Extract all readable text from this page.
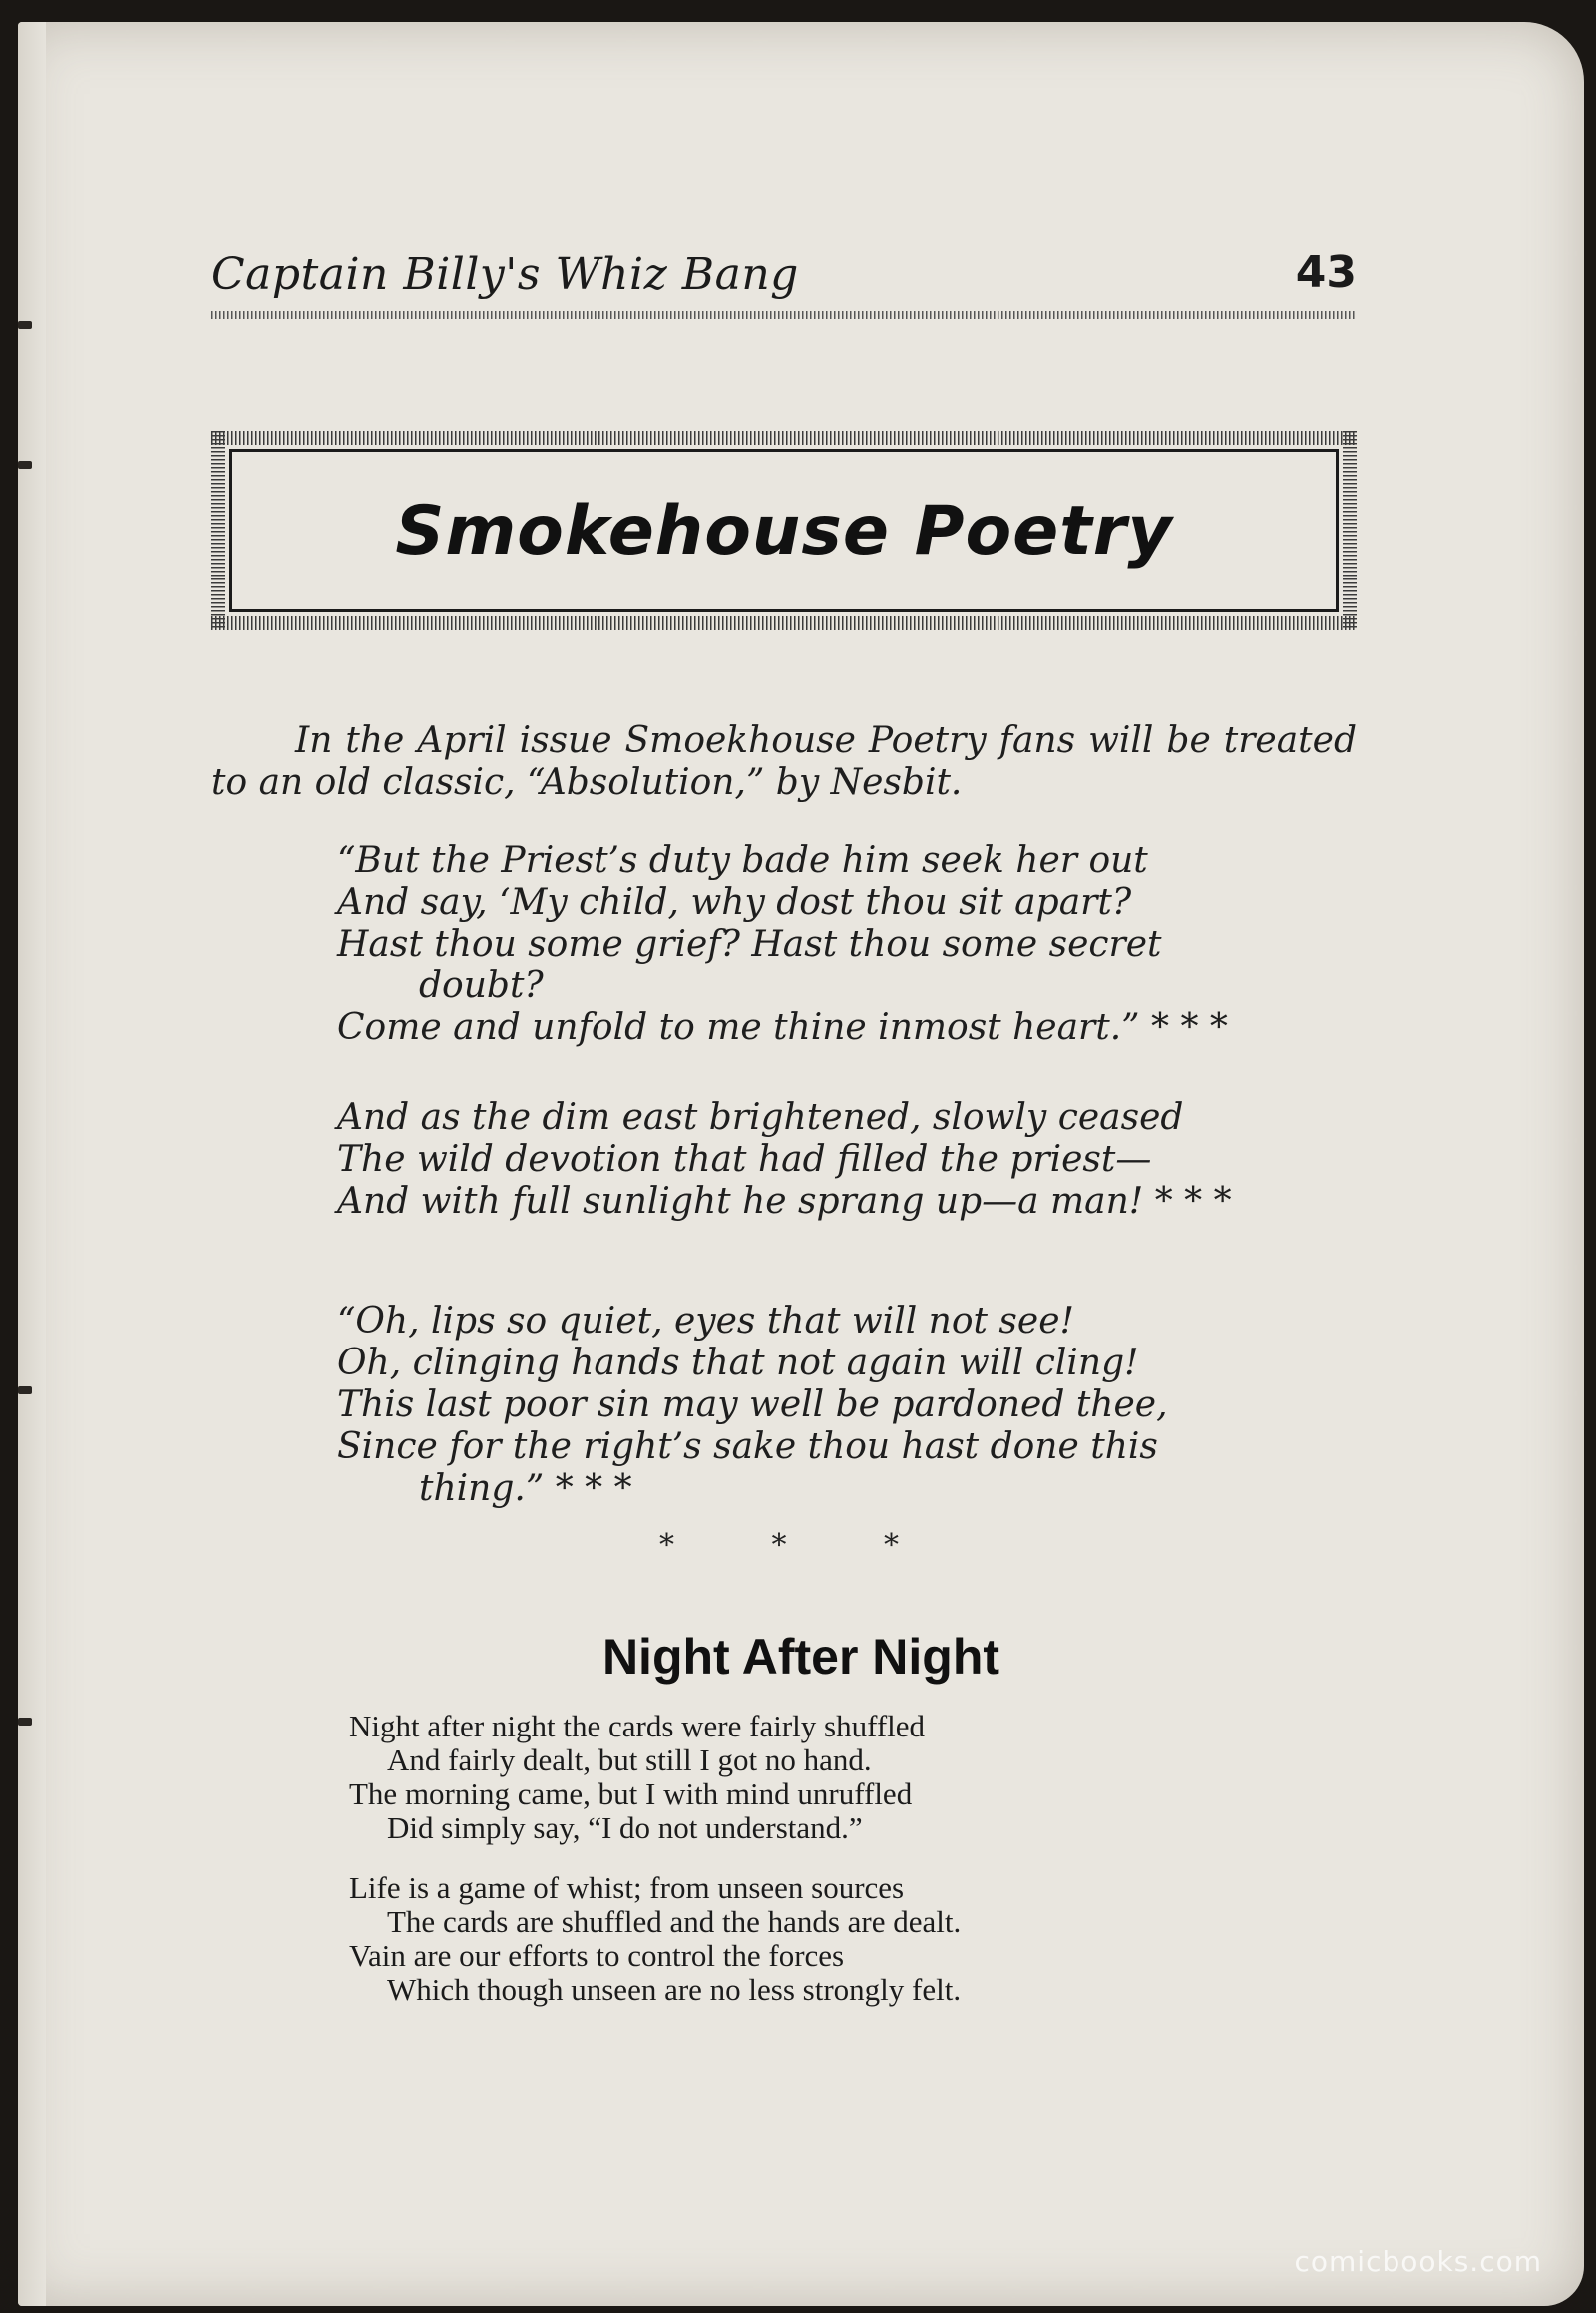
Captain Billy's Whiz Bang	43
Smokehouse Poetry
In the April issue Smoekhouse Poetry fans will be treated to an old classic, “Absolution,” by Nesbit.
“But the Priest’s duty bade him seek her out
And say, ‘My child, why dost thou sit apart?
Hast thou some grief? Hast thou some secret
doubt?
Come and unfold to me thine inmost heart.” * * *
And as the dim east brightened, slowly ceased
The wild devotion that had filled the priest—
And with full sunlight he sprang up—a man! * * *
“Oh, lips so quiet, eyes that will not see!
Oh, clinging hands that not again will cling!
This last poor sin may well be pardoned thee,
Since for the right’s sake thou hast done this
thing.” * * *
* * *
Night After Night
Night after night the cards were fairly shuffled
And fairly dealt, but still I got no hand.
The morning came, but I with mind unruffled
Did simply say, “I do not understand.”
Life is a game of whist; from unseen sources
The cards are shuffled and the hands are dealt.
Vain are our efforts to control the forces
Which though unseen are no less strongly felt.
comicbooks.com
